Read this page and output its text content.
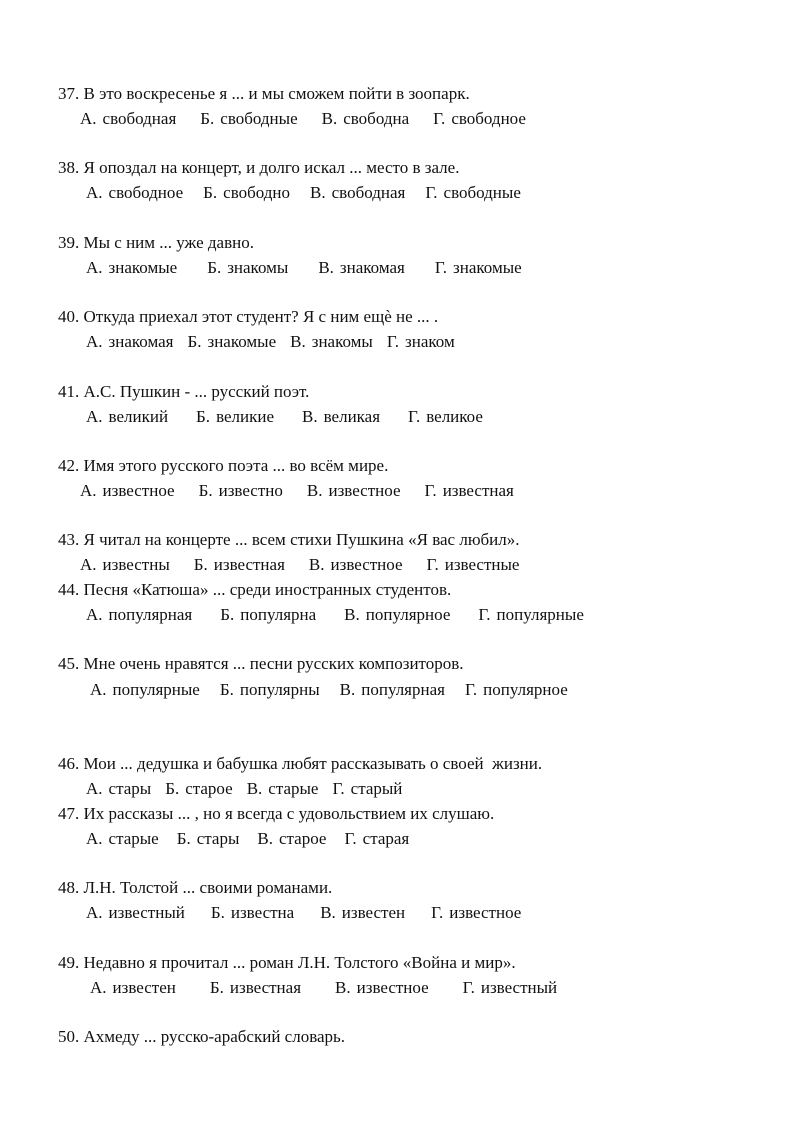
37. В это воскресенье я ... и мы сможем пойти в зоопарк.
А. свободная Б. свободные В. свободна Г. свободное
38. Я опоздал на концерт, и долго искал ... место в зале.
А. свободное Б. свободно В. свободная Г. свободные
39. Мы с ним ... уже давно.
А. знакомые Б. знакомы В. знакомая Г. знакомые
40. Откуда приехал этот студент? Я с ним ещѐ не ... .
А. знакомая Б. знакомые В. знакомы Г. знаком
41. А.С. Пушкин - ... русский поэт.
А. великий Б. великие В. великая Г. великое
42. Имя этого русского поэта ... во всём мире.
А. известное Б. известно В. известное Г. известная
43. Я читал на концерте ... всем стихи Пушкина «Я вас любил».
А. известны Б. известная В. известное Г. известные
44. Песня «Катюша» ... среди иностранных студентов.
А. популярная Б. популярна В. популярное Г. популярные
45. Мне очень нравятся ... песни русских композиторов.
А. популярные Б. популярны В. популярная Г. популярное
46. Мои ... дедушка и бабушка любят рассказывать о своей  жизни.
А. стары Б. старое В. старые Г. старый
47. Их рассказы ... , но я всегда с удовольствием их слушаю.
А. старые Б. стары В. старое Г. старая
48. Л.Н. Толстой ... своими романами.
А. известный Б. известна В. известен Г. известное
49. Недавно я прочитал ... роман Л.Н. Толстого «Война и мир».
А. известен Б. известная В. известное Г. известный
50. Ахмеду ... русско-арабский словарь.
